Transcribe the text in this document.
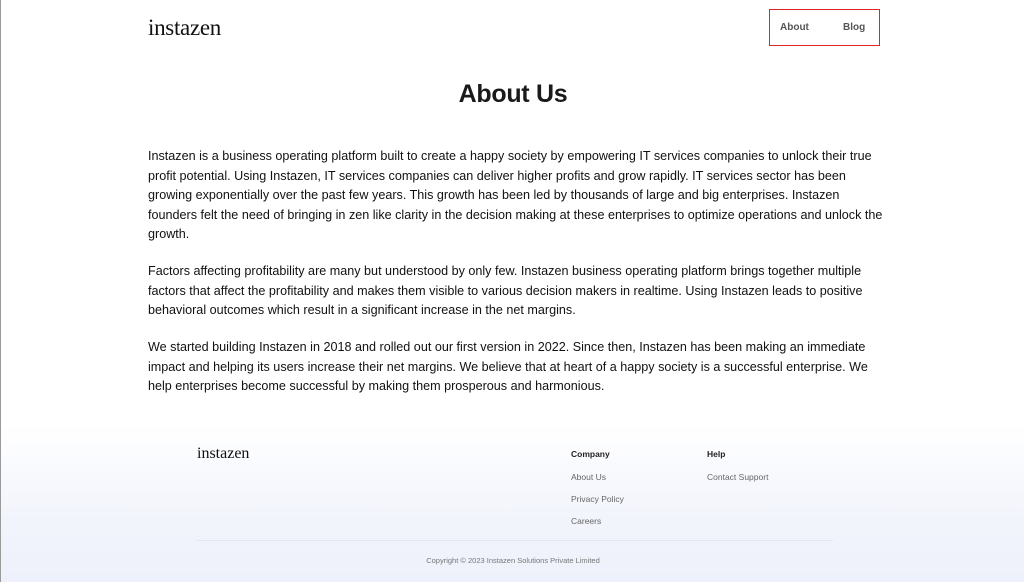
instazen	About	Blog
About Us

Instazen is a business operating platform built to create a happy society by empowering IT services companies to unlock their true profit potential. Using Instazen, IT services companies can deliver higher profits and grow rapidly. IT services sector has been growing exponentially over the past few years. This growth has been led by thousands of large and big enterprises. Instazen founders felt the need of bringing in zen like clarity in the decision making at these enterprises to optimize operations and unlock the growth.

Factors affecting profitability are many but understood by only few. Instazen business operating platform brings together multiple factors that affect the profitability and makes them visible to various decision makers in realtime. Using Instazen leads to positive behavioral outcomes which result in a significant increase in the net margins.

We started building Instazen in 2018 and rolled out our first version in 2022. Since then, Instazen has been making an immediate impact and helping its users increase their net margins. We believe that at heart of a happy society is a successful enterprise. We help enterprises become successful by making them prosperous and harmonious.

instazen	Company
About Us
Privacy Policy
Careers
Help
Contact Support
Copyright © 2023 Instazen Solutions Private Limited
